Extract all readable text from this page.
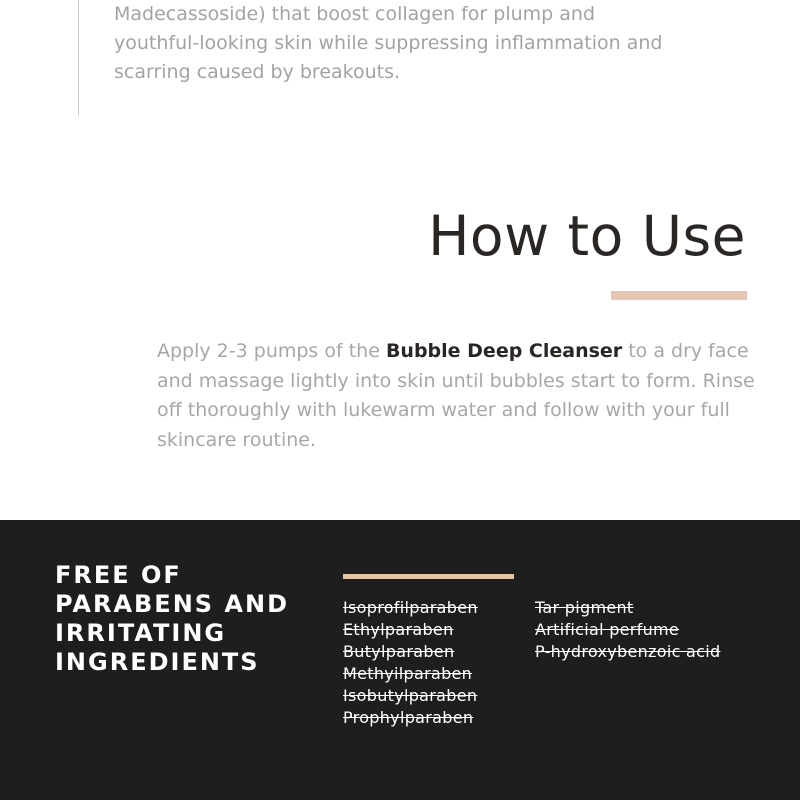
Madecassoside) that boost collagen for plump and
youthful-looking skin while suppressing inflammation and
scarring caused by breakouts.

How to Use

Apply 2-3 pumps of the Bubble Deep Cleanser to a dry face
and massage lightly into skin until bubbles start to form. Rinse
off thoroughly with lukewarm water and follow with your full
skincare routine.

FREE OF
PARABENS AND
IRRITATING
INGREDIENTS
Isoprofilparaben
Ethylparaben
Butylparaben
Methyilparaben
Isobutylparaben
Prophylparaben
Tar pigment
Artificial perfume
P-hydroxybenzoic acid
